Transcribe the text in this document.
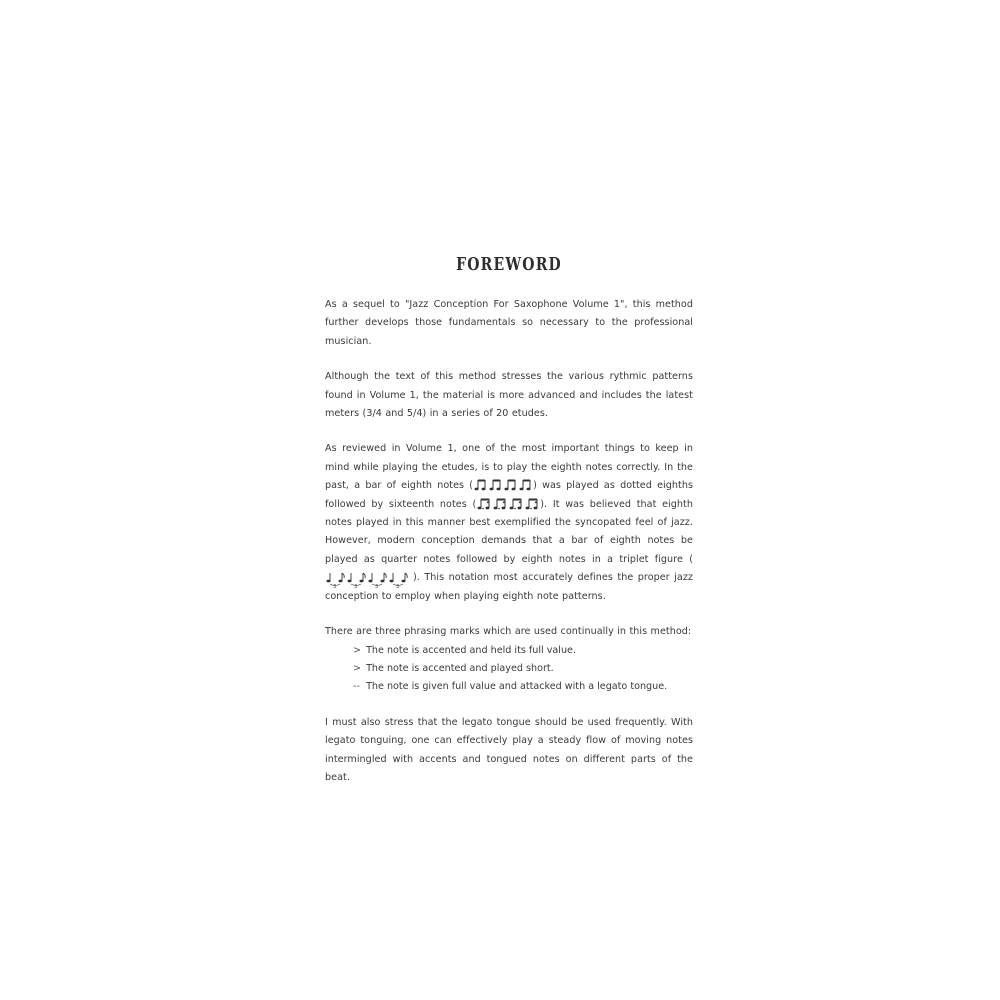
FOREWORD

As a sequel to "Jazz Conception For Saxophone Volume 1", this method further develops those fundamentals so necessary to the professional musician.

Although the text of this method stresses the various rythmic patterns found in Volume 1, the material is more advanced and includes the latest meters (3/4 and 5/4) in a series of 20 etudes.

As reviewed in Volume 1, one of the most important things to keep in mind while playing the etudes, is to play the eighth notes correctly. In the past, a bar of eighth notes (	) was played as dotted eighths followed by sixteenth notes (	). It was believed that eighth notes played in this manner best exemplified the syncopated feel of jazz. However, modern conception demands that a bar of eighth notes be played as quarter notes followed by eighth notes in a triplet figure (
3	3	3	3
). This notation most accurately defines the proper jazz conception to employ when playing eighth note patterns.

There are three phrasing marks which are used continually in this method:

> The note is accented and held its full value.
> The note is accented and played short.
-- The note is given full value and attacked with a legato tongue.

I must also stress that the legato tongue should be used frequently. With legato tonguing, one can effectively play a steady flow of moving notes intermingled with accents and tongued notes on different parts of the beat.
